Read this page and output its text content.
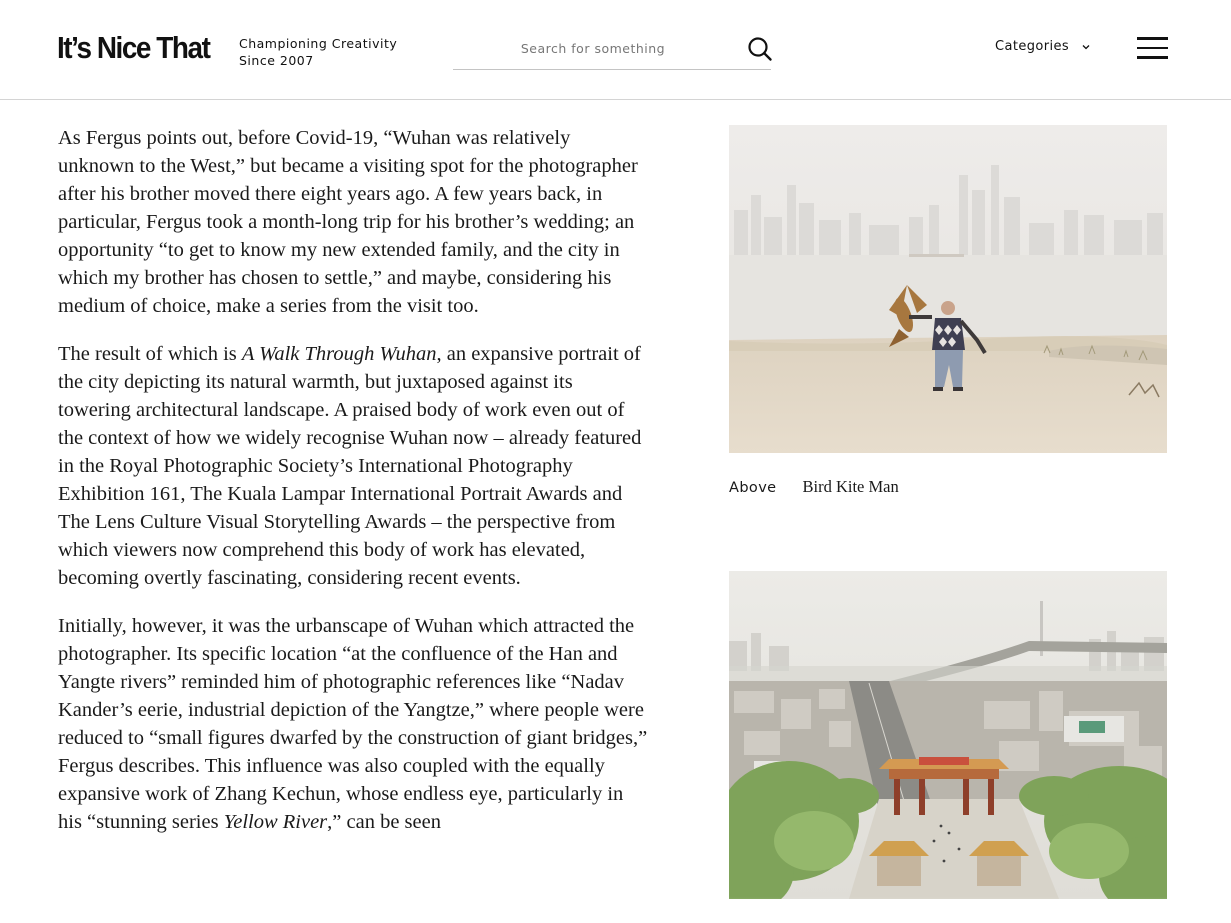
It’s Nice That Championing Creativity
Since 2007
Search for something
Categories

As Fergus points out, before Covid-19, “Wuhan was relatively unknown to the West,” but became a visiting spot for the photographer after his brother moved there eight years ago. A few years back, in particular, Fergus took a month-long trip for his brother’s wedding; an opportunity “to get to know my new extended family, and the city in which my brother has chosen to settle,” and maybe, considering his medium of choice, make a series from the visit too.

The result of which is A Walk Through Wuhan, an expansive portrait of the city depicting its natural warmth, but juxtaposed against its towering architectural landscape. A praised body of work even out of the context of how we widely recognise Wuhan now – already featured in the Royal Photographic Society’s International Photography Exhibition 161, The Kuala Lampar International Portrait Awards and The Lens Culture Visual Storytelling Awards – the perspective from which viewers now comprehend this body of work has elevated, becoming overtly fascinating, considering recent events.

Initially, however, it was the urbanscape of Wuhan which attracted the photographer. Its specific location “at the confluence of the Han and Yangte rivers” reminded him of photographic references like “Nadav Kander’s eerie, industrial depiction of the Yangtze,” where people were reduced to “small figures dwarfed by the construction of giant bridges,” Fergus describes. This influence was also coupled with the equally expansive work of Zhang Kechun, whose endless eye, particularly in his “stunning series Yellow River,” can be seen

Above Bird Kite Man
